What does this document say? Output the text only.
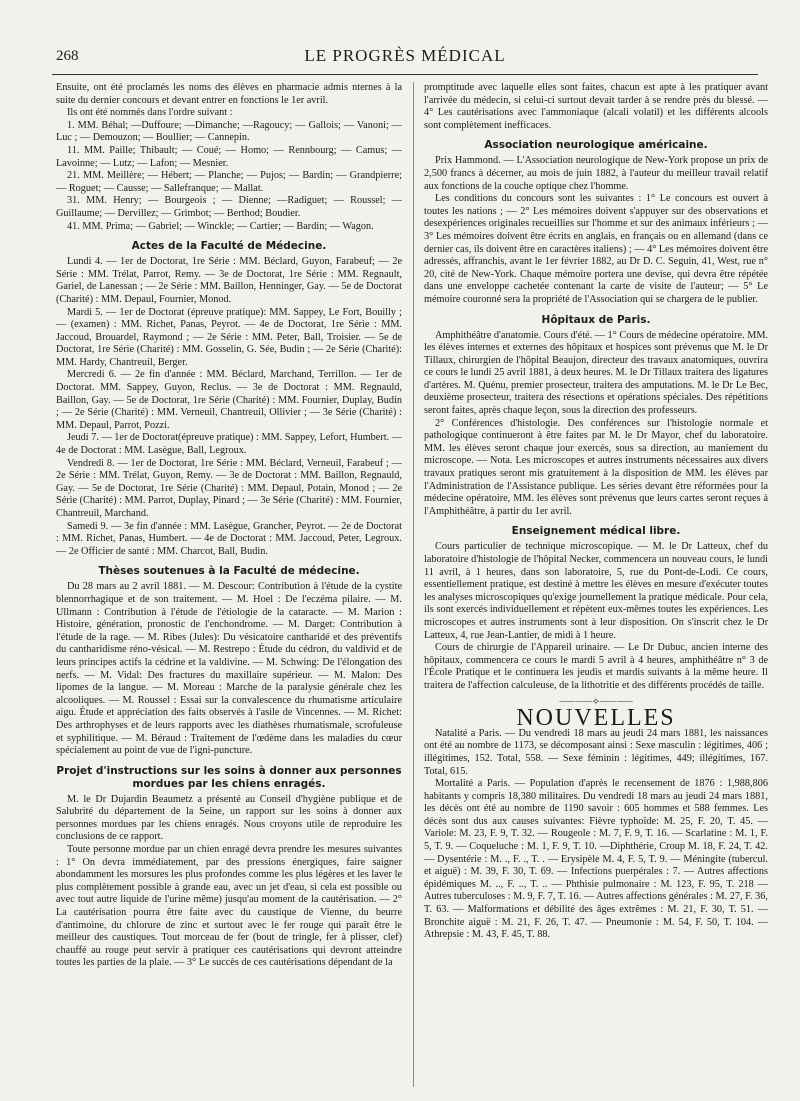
268	LE PROGRÈS MÉDICAL

Ensuite, ont été proclamés les noms des élèves en pharmacie admis nternes à la suite du dernier concours et devant entrer en fonctions le 1er avril.

Ils ont été nommés dans l'ordre suivant :

1. MM. Béhal; —Duffoure; —Dimanche; —Ragoucy; — Gallois; — Vanoni; — Luc ; — Demouzon; — Boullier; — Cannepin.

11. MM. Paille; Thibault; — Coué; — Homo; — Rennbourg; — Camus; — Lavoinne; — Lutz; — Lafon; — Mesnier.

21. MM. Meillère; — Hébert; — Planche; — Pujos; — Bardin; — Grandpierre; — Roguet; — Causse; — Sallefranque; — Mallat.

31. MM. Henry; — Bourgeois ; — Dienne; —Radiguet; — Roussel; — Guillaume; — Dervillez; — Grimbot; — Berthod; Boudier.

41. MM. Prima; — Gabriel; — Winckle; — Cartier; — Bardin; — Wagon.

Actes de la Faculté de Médecine.

Lundi 4. — 1er de Doctorat, 1re Série : MM. Béclard, Guyon, Farabeuf; — 2e Série : MM. Trélat, Parrot, Remy. — 3e de Doctorat, 1re Série : MM. Regnault, Gariel, de Lanessan ; — 2e Série : MM. Baillon, Henninger, Gay. — 5e de Doctorat (Charité) : MM. Depaul, Fournier, Monod.

Mardi 5. — 1er de Doctorat (épreuve pratique): MM. Sappey, Le Fort, Bouilly ; — (examen) : MM. Richet, Panas, Peyrot. — 4e de Doctorat, 1re Série : MM. Jaccoud, Brouardel, Raymond ; — 2e Série : MM. Peter, Ball, Troisier. — 5e de Doctorat, 1re Série (Charité) : MM. Gosselin, G. Sée, Budin ; — 2e Série (Charité): MM. Hardy, Chantreuil, Berger.

Mercredi 6. — 2e fin d'année : MM. Béclard, Marchand, Terrillon. — 1er de Doctorat. MM. Sappey, Guyon, Reclus. — 3e de Doctorat : MM. Regnauld, Baillon, Gay. — 5e de Doctorat, 1re Série (Charité) : MM. Fournier, Duplay, Budin ; — 2e Série (Charité) : MM. Verneuil, Chantreuil, Ollivier ; — 3e Série (Charité) : MM. Depaul, Parrot, Pozzi.

Jeudi 7. — 1er de Doctorat(épreuve pratique) : MM. Sappey, Lefort, Humbert. — 4e de Doctorat : MM. Lasègue, Ball, Legroux.

Vendredi 8. — 1er de Doctorat, 1re Série : MM. Béclard, Verneuil, Farabeuf ; — 2e Série : MM. Trélat, Guyon, Remy. — 3e de Doctorat : MM. Baillon, Regnauld, Gay. — 5e de Doctorat, 1re Série (Charité) : MM. Depaul, Potain, Monod ; — 2e Série (Charité) : MM. Parrot, Duplay, Pinard ; — 3e Série (Charité) : MM. Fournier, Chantreuil, Marchand.

Samedi 9. — 3e fin d'année : MM. Lasègue, Grancher, Peyrot. — 2e de Doctorat : MM. Richet, Panas, Humbert. — 4e de Doctorat : MM. Jaccoud, Peter, Legroux. — 2e Officier de santé : MM. Charcot, Ball, Budin.

Thèses soutenues à la Faculté de médecine.

Du 28 mars au 2 avril 1881. — M. Descour: Contribution à l'étude de la cystite blennorrhagique et de son traitement. — M. Hoel : De l'eczéma pilaire. — M. Ullmann : Contribution à l'étude de l'étiologie de la cataracte. — M. Marion : Histoire, génération, pronostic de l'enchondrome. — M. Darget: Contribution à l'étude de la rage. — M. Ribes (Jules): Du vésicatoire cantharidé et des préventifs du cantharidisme réno-vésical. — M. Restrepo : Étude du cédron, du valdivid et de leurs principes actifs la cédrine et la valdivine. — M. Schwing: De l'élongation des nerfs. — M. Vidal: Des fractures du maxillaire supérieur. — M. Malon: Des lipomes de la langue. — M. Moreau : Marche de la paralysie générale chez les alcooliques. — M. Roussel : Essai sur la convalescence du rhumatisme articulaire aigu. Étude et appréciation des faits observés à l'asile de Vincennes. — M. Richet: Des arthrophyses et de leurs rapports avec les diathèses rhumatismale, scrofuleuse et syphilitique. — M. Béraud : Traitement de l'œdème dans les maladies du cœur spécialement au point de vue de l'igni-puncture.

Projet d'instructions sur les soins à donner aux personnes mordues par les chiens enragés.

M. le Dr Dujardin Beaumetz a présenté au Conseil d'hygiène publique et de Salubrité du département de la Seine, un rapport sur les soins à donner aux personnes mordues par les chiens enragés. Nous croyons utile de reproduire les conclusions de ce rapport.

Toute personne mordue par un chien enragé devra prendre les mesures suivantes : 1° On devra immédiatement, par des pressions énergiques, faire saigner abondamment les morsures les plus profondes comme les plus légères et les laver le plus complètement possible à grande eau, avec un jet d'eau, si cela est possible ou avec tout autre liquide de l'urine même) jusqu'au moment de la cautérisation. — 2° La cautérisation pourra être faite avec du caustique de Vienne, du beurre d'antimoine, du chlorure de zinc et surtout avec le fer rouge qui paraît être le meilleur des caustiques. Tout morceau de fer (bout de tringle, fer à plisser, clef) chauffé au rouge peut servir à pratiquer ces cautérisations qui devront atteindre toutes les parties de la plaie. — 3° Le succès de ces cautérisations dépendant de la

promptitude avec laquelle elles sont faites, chacun est apte à les pratiquer avant l'arrivée du médecin, si celui-ci surtout devait tarder à se rendre près du blessé. — 4° Les cautérisations avec l'ammoniaque (alcali volatil) et les différents alcools sont complètement inefficaces.

Association neurologique américaine.

Prix Hammond. — L'Association neurologique de New-York propose un prix de 2,500 francs à décerner, au mois de juin 1882, à l'auteur du meilleur travail relatif aux fonctions de la couche optique chez l'homme.

Les conditions du concours sont les suivantes : 1° Le concours est ouvert à toutes les nations ; — 2° Les mémoires doivent s'appuyer sur des observations et desexpériences originales recueillies sur l'homme et sur des animaux inférieurs ; — 3° Les mémoires doivent être écrits en anglais, en français ou en allemand (dans ce dernier cas, ils doivent être en caractères italiens) ; — 4° Les mémoires doivent être adressés, affranchis, avant le 1er février 1882, au Dr D. C. Seguin, 41, West, rue n° 20, cité de New-York. Chaque mémoire portera une devise, qui devra être répétée dans une enveloppe cachetée contenant la carte de visite de l'auteur; — 5° Le mémoire couronné sera la propriété de l'Association qui se chargera de le publier.

Hôpitaux de Paris.

Amphithéâtre d'anatomie. Cours d'été. — 1° Cours de médecine opératoire. MM. les élèves internes et externes des hôpitaux et hospices sont prévenus que M. le Dr Tillaux, chirurgien de l'hôpital Beaujon, directeur des travaux anatomiques, ouvrira ce cours le lundi 25 avril 1881, à deux heures. M. le Dr Tillaux traitera des ligatures d'artères. M. Quénu, premier prosecteur, traitera des amputations. M. le Dr Le Bec, deuxième prosecteur, traitera des résections et opérations spéciales. Des répétitions seront faites, après chaque leçon, sous la direction des professeurs.

2° Conférences d'histologie. Des conférences sur l'histologie normale et pathologique continueront à être faites par M. le Dr Mayor, chef du laboratoire. MM. les élèves seront chaque jour exercés, sous sa direction, au maniement du microscope. — Nota. Les microscopes et autres instruments nécessaires aux divers travaux pratiques seront mis gratuitement à la disposition de MM. les élèves par l'Administration de l'Assistance publique. Les séries devant être réformées pour la médecine opératoire, MM. les élèves sont prévenus que leurs cartes seront reçues à l'Amphithéâtre, à partir du 1er avril.

Enseignement médical libre.

Cours particulier de technique microscopique. — M. le Dr Latteux, chef du laboratoire d'histologie de l'hôpital Necker, commencera un nouveau cours, le lundi 11 avril, à 1 heures, dans son laboratoire, 5, rue du Pont-de-Lodi. Ce cours, essentiellement pratique, est destiné à mettre les élèves en mesure d'exécuter toutes les analyses microscopiques qu'exige journellement la pratique médicale. Pour cela, ils sont exercés individuellement et répètent eux-mêmes toutes les expériences. Les microscopes et autres instruments sont à leur disposition. On s'inscrit chez le Dr Latteux, 4, rue Jean-Lantier, de midi à 1 heure.

Cours de chirurgie de l'Appareil urinaire. — Le Dr Dubuc, ancien interne des hôpitaux, commencera ce cours le mardi 5 avril à 4 heures, amphithéâtre n° 3 de l'École Pratique et le continuera les jeudis et mardis suivants à la même heure. Il traitera de l'affection calculeuse, de la lithotritie et des différents procédés de taille.

⸺⸺⟡⸺⸺
NOUVELLES

Natalité a Paris. — Du vendredi 18 mars au jeudi 24 mars 1881, les naissances ont été au nombre de 1173, se décomposant ainsi : Sexe masculin : légitimes, 406 ; illégitimes, 152. Total, 558. — Sexe féminin : légitimes, 449; illégitimes, 167. Total, 615.

Mortalité a Paris. — Population d'après le recensement de 1876 : 1,988,806 habitants y compris 18,380 militaires. Du vendredi 18 mars au jeudi 24 mars 1881, les décès ont été au nombre de 1190 savoir : 605 hommes et 588 femmes. Les décès sont dus aux causes suivantes: Fièvre typhoïde: M. 25, F. 20, T. 45. — Variole: M. 23, F. 9, T. 32. — Rougeole : M. 7, F. 9, T. 16. — Scarlatine : M. 1, F. 5, T. 9. — Coqueluche : M. 1, F. 9, T. 10. —Diphthérie, Croup M. 18, F. 24, T. 42. — Dysentérie : M. ., F. ., T. . — Erysipèle M. 4, F. 5, T. 9. — Méningite (tubercul. et aiguë) : M. 39, F. 30, T. 69. — Infections puerpérales : 7. — Autres affections épidémiques M. .., F. .., T. .. — Phthisie pulmonaire : M. 123, F. 95, T. 218 —Autres tuberculoses : M. 9, F. 7, T. 16. — Autres affections générales : M. 27, F. 36, T. 63. — Malformations et débilité des âges extrêmes : M. 21, F. 30, T. 51. — Bronchite aiguë : M. 21, F. 26, T. 47. — Pneumonie : M. 54, F. 50, T. 104. — Athrepsie : M. 43, F. 45, T. 88.
